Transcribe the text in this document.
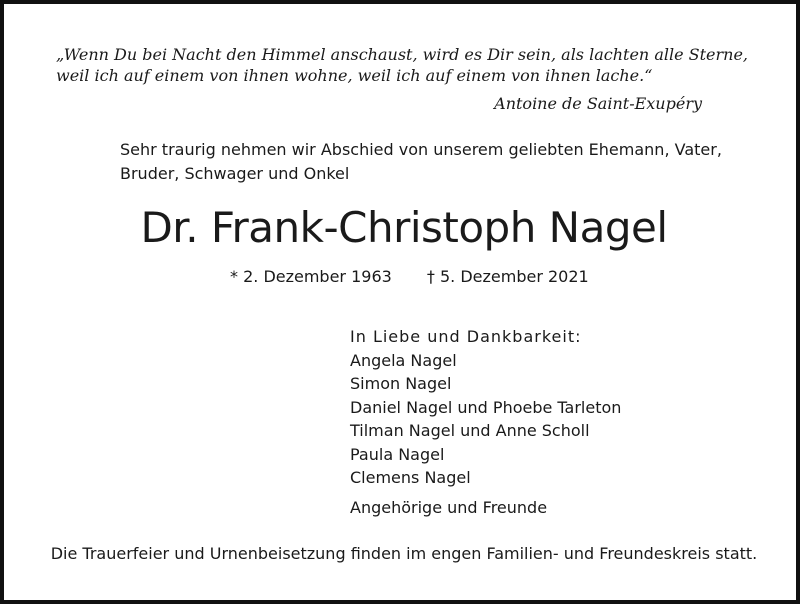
„Wenn Du bei Nacht den Himmel anschaust, wird es Dir sein, als lachten alle Sterne,
weil ich auf einem von ihnen wohne, weil ich auf einem von ihnen lache.“
Antoine de Saint-Exupéry
Sehr traurig nehmen wir Abschied von unserem geliebten Ehemann, Vater,
Bruder, Schwager und Onkel
Dr. Frank-Christoph Nagel
* 2. Dezember 1963 † 5. Dezember 2021
In Liebe und Dankbarkeit:
Angela Nagel
Simon Nagel
Daniel Nagel und Phoebe Tarleton
Tilman Nagel und Anne Scholl
Paula Nagel
Clemens Nagel
Angehörige und Freunde
Die Trauerfeier und Urnenbeisetzung finden im engen Familien- und Freundeskreis statt.
